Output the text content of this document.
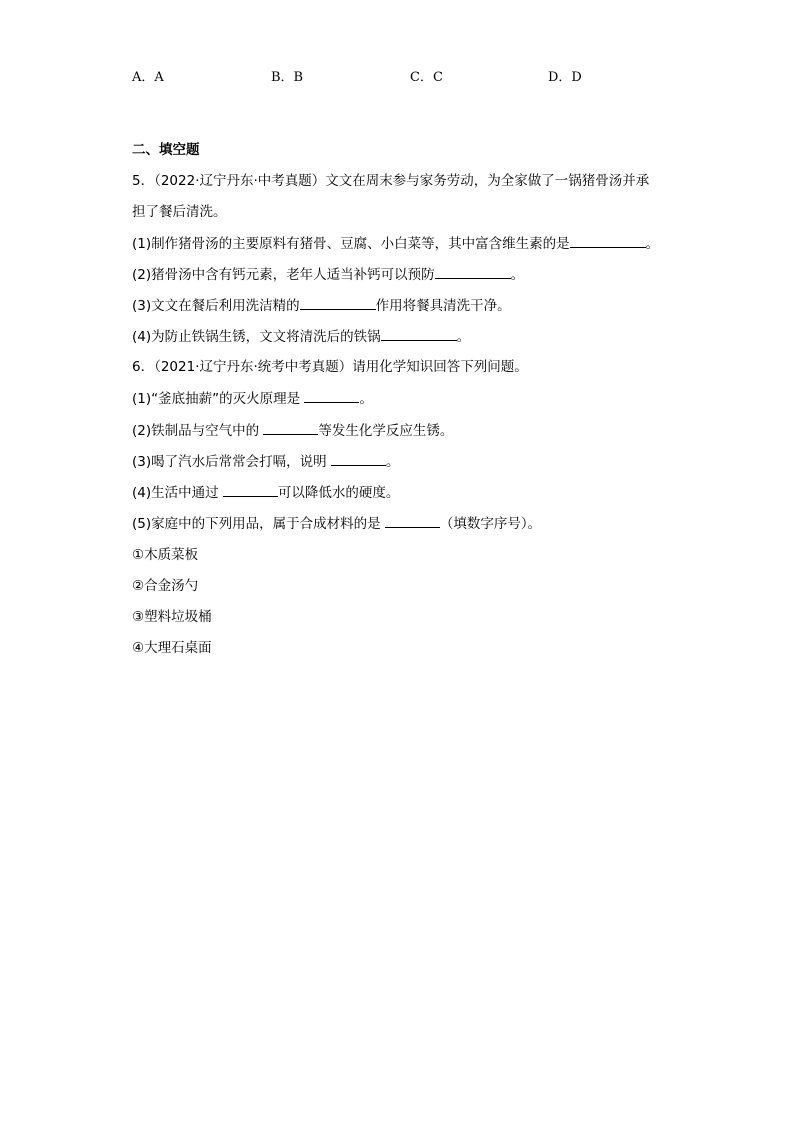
A．A	B．B	C．C	D．D
二、填空题
5．（2022·辽宁丹东·中考真题）文文在周末参与家务劳动，为全家做了一锅猪骨汤并承
担了餐后清洗。
(1)制作猪骨汤的主要原料有猪骨、豆腐、小白菜等，其中富含维生素的是	。
(2)猪骨汤中含有钙元素，老年人适当补钙可以预防	。
(3)文文在餐后利用洗洁精的	作用将餐具清洗干净。
(4)为防止铁锅生锈，文文将清洗后的铁锅	。
6．（2021·辽宁丹东·统考中考真题）请用化学知识回答下列问题。
(1)“釜底抽薪”的灭火原理是	。
(2)铁制品与空气中的	等发生化学反应生锈。
(3)喝了汽水后常常会打嗝，说明	。
(4)生活中通过	可以降低水的硬度。
(5)家庭中的下列用品，属于合成材料的是	（填数字序号）。
①木质菜板
②合金汤勺
③塑料垃圾桶
④大理石桌面
